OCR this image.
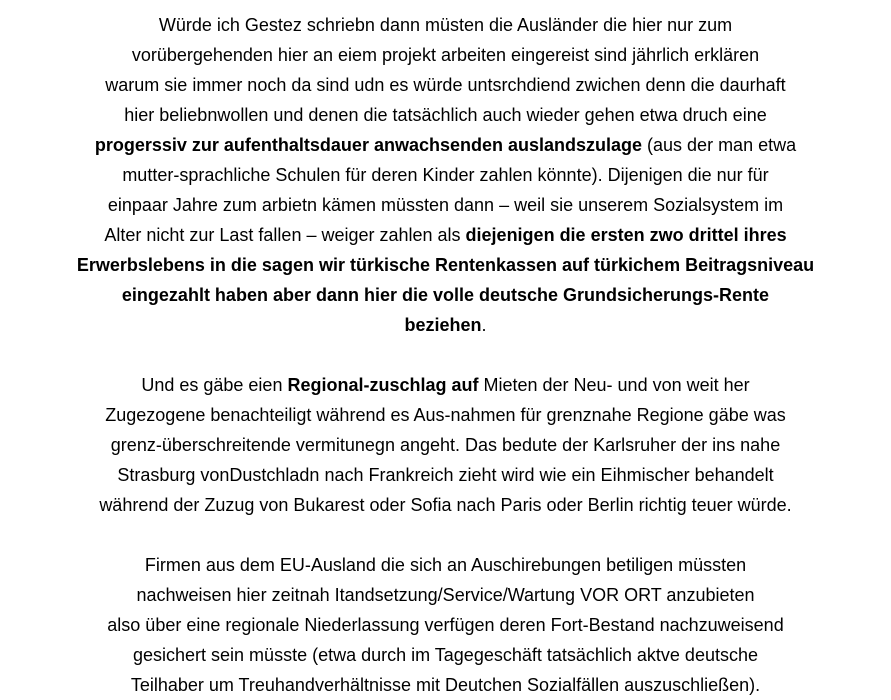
Würde ich Gestez schriebn dann müsten die Ausländer die hier nur zum
vorübergehenden hier an eiem projekt arbeiten eingereist sind jährlich erklären
warum sie immer noch da sind udn es würde untsrchdiend zwichen denn die daurhaft
hier beliebnwollen und denen die tatsächlich auch wieder gehen etwa druch eine
progerssiv zur aufenthaltsdauer anwachsenden auslandszulage (aus der man etwa
mutter-sprachliche Schulen für deren Kinder zahlen könnte). Dijenigen die nur für
einpaar Jahre zum arbietn kämen müssten dann – weil sie unserem Sozialsystem im
Alter nicht zur Last fallen – weiger zahlen als diejenigen die ersten zwo drittel ihres
Erwerbslebens in die sagen wir türkische Rentenkassen auf türkichem Beitragsniveau
eingezahlt haben aber dann hier die volle deutsche Grundsicherungs-Rente
beziehen.
Und es gäbe eien Regional-zuschlag auf Mieten der Neu- und von weit her
Zugezogene benachteiligt während es Aus-nahmen für grenznahe Regione gäbe was
grenz-überschreitende vermitunegn angeht. Das bedute der Karlsruher der ins nahe
Strasburg vonDustchladn nach Frankreich zieht wird wie ein Eihmischer behandelt
während der Zuzug von Bukarest oder Sofia nach Paris oder Berlin richtig teuer würde.
Firmen aus dem EU-Ausland die sich an Auschirebungen betiligen müssten
nachweisen hier zeitnah Itandsetzung/Service/Wartung VOR ORT anzubieten
also über eine regionale Niederlassung verfügen deren Fort-Bestand nachzuweisend
gesichert sein müsste (etwa durch im Tagegeschäft tatsächlich aktve deutsche
Teilhaber um Treuhandverhältnisse mit Deutchen Sozialfällen auszuschließen).
